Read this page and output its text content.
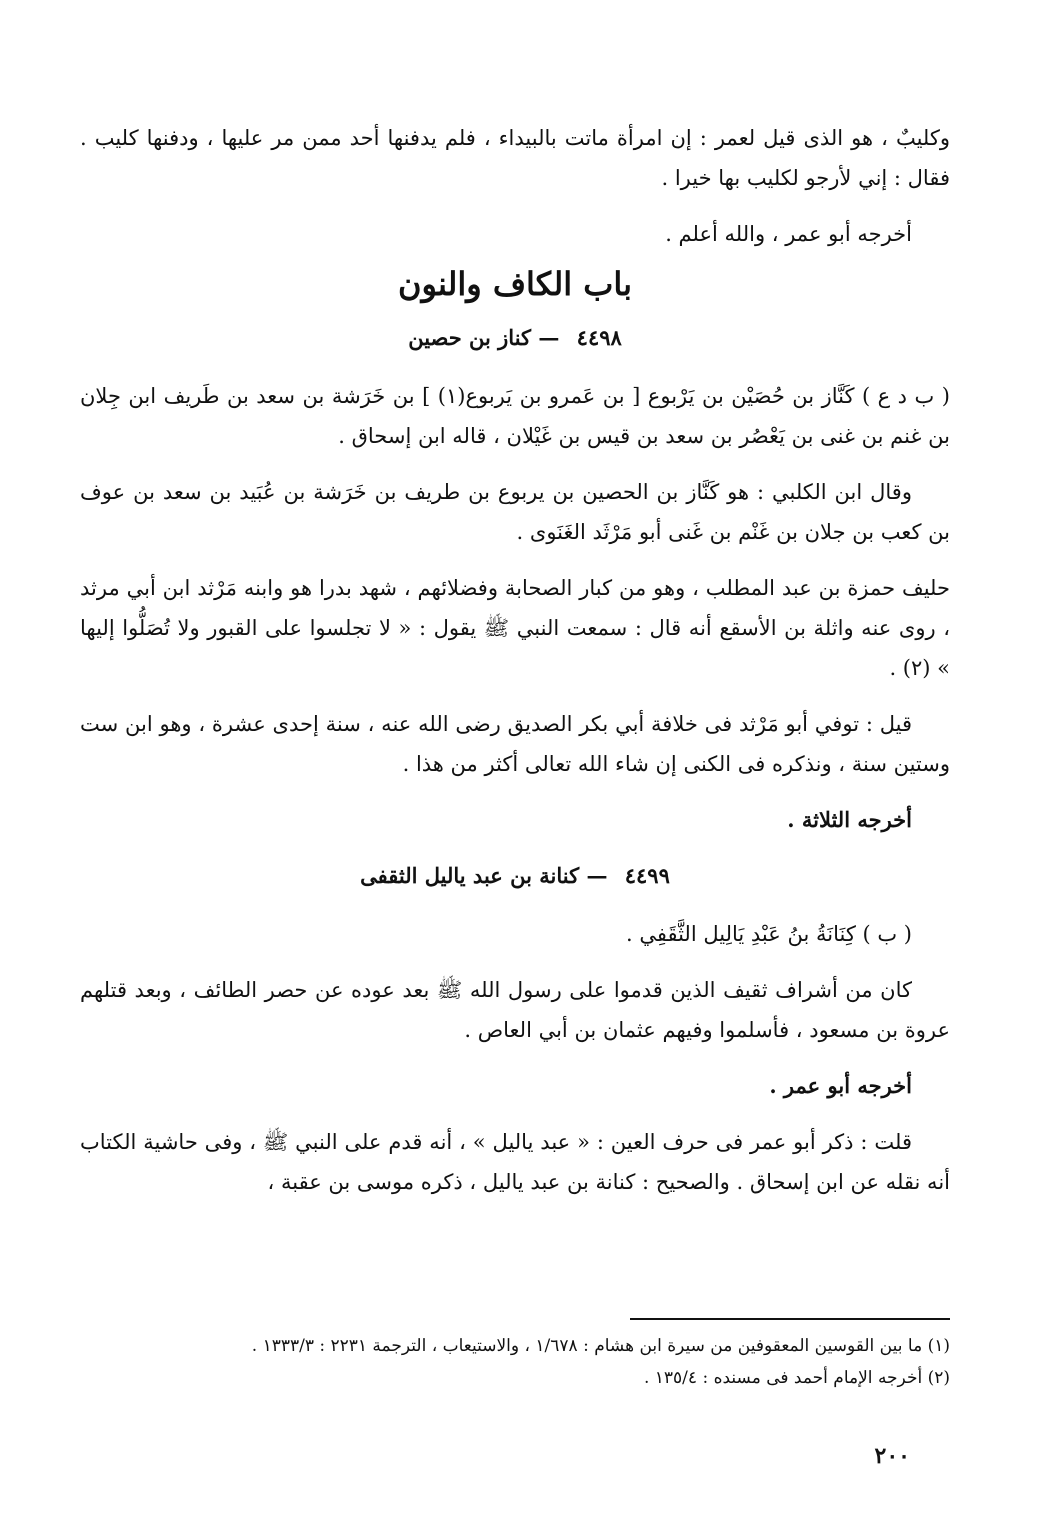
وكليبٌ ، هو الذى قيل لعمر : إن امرأة ماتت بالبيداء ، فلم يدفنها أحد ممن مر عليها ، ودفنها كليب . فقال : إني لأرجو لكليب بها خيرا .

أخرجه أبو عمر ، والله أعلم .

باب الكاف والنون
٤٤٩٨ — كناز بن حصين

( ب د ع ) كَنَّاز بن حُصَيْن بن يَرْبوع [ بن عَمرو بن يَربوع(١) ] بن خَرَشة بن سعد بن طَريف ابن جِلان بن غنم بن غنى بن يَعْصُر بن سعد بن قيس بن غَيْلان ، قاله ابن إسحاق .

وقال ابن الكلبي : هو كَنَّاز بن الحصين بن يربوع بن طريف بن خَرَشة بن عُبَيد بن سعد بن عوف بن كعب بن جلان بن غَنْم بن غَنى أبو مَرْثَد الغَنَوى .

حليف حمزة بن عبد المطلب ، وهو من كبار الصحابة وفضلائهم ، شهد بدرا هو وابنه مَرْثد ابن أبي مرثد ، روى عنه واثلة بن الأسقع أنه قال : سمعت النبي ﷺ يقول : « لا تجلسوا على القبور ولا تُصَلُّوا إليها » (٢) .

قيل : توفي أبو مَرْثد فى خلافة أبي بكر الصديق رضى الله عنه ، سنة إحدى عشرة ، وهو ابن ست وستين سنة ، ونذكره فى الكنى إن شاء الله تعالى أكثر من هذا .

أخرجه الثلاثة .

٤٤٩٩ — كنانة بن عبد ياليل الثقفى

( ب ) كِنَانَةُ بنُ عَبْدِ يَالِيل الثَّقَفِي .

كان من أشراف ثقيف الذين قدموا على رسول الله ﷺ بعد عوده عن حصر الطائف ، وبعد قتلهم عروة بن مسعود ، فأسلموا وفيهم عثمان بن أبي العاص .

أخرجه أبو عمر .

قلت : ذكر أبو عمر فى حرف العين : « عبد ياليل » ، أنه قدم على النبي ﷺ ، وفى حاشية الكتاب أنه نقله عن ابن إسحاق . والصحيح : كنانة بن عبد ياليل ، ذكره موسى بن عقبة ،

(١) ما بين القوسين المعقوفين من سيرة ابن هشام : ١/٦٧٨ ، والاستيعاب ، الترجمة ٢٢٣١ : ١٣٣٣/٣ .

(٢) أخرجه الإمام أحمد فى مسنده : ١٣٥/٤ .

٢٠٠
